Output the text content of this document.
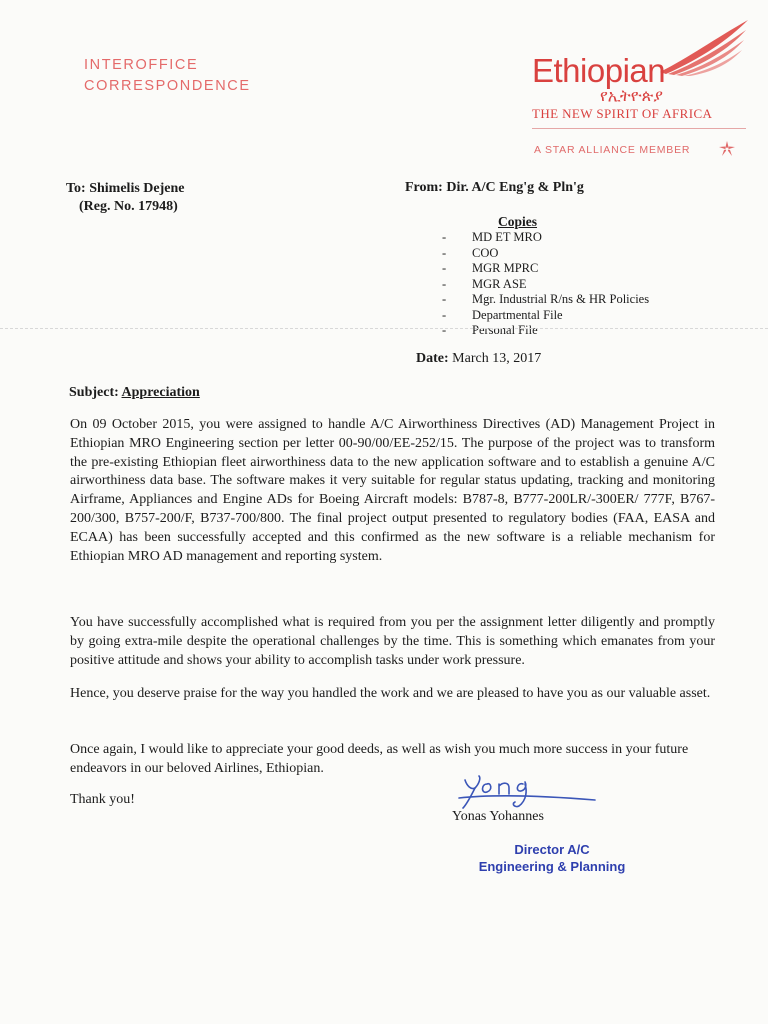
INTEROFFICE
CORRESPONDENCE	Ethiopian
የኢትዮጵያ
THE NEW SPIRIT OF AFRICA
A STAR ALLIANCE MEMBER
To: Shimelis Dejene
(Reg. No. 17948)
From: Dir. A/C Eng'g & Pln'g
Copies
- MD ET MRO
- COO
- MGR MPRC
- MGR ASE
- Mgr. Industrial R/ns & HR Policies
- Departmental File
- Personal File
Date: March 13, 2017
Subject: Appreciation

On 09 October 2015, you were assigned to handle A/C Airworthiness Directives (AD) Management Project in Ethiopian MRO Engineering section per letter 00-90/00/EE-252/15. The purpose of the project was to transform the pre-existing Ethiopian fleet airworthiness data to the new application software and to establish a genuine A/C airworthiness data base. The software makes it very suitable for regular status updating, tracking and monitoring Airframe, Appliances and Engine ADs for Boeing Aircraft models: B787-8, B777-200LR/-300ER/ 777F, B767-200/300, B757-200/F, B737-700/800. The final project output presented to regulatory bodies (FAA, EASA and ECAA) has been successfully accepted and this confirmed as the new software is a reliable mechanism for Ethiopian MRO AD management and reporting system.

You have successfully accomplished what is required from you per the assignment letter diligently and promptly by going extra-mile despite the operational challenges by the time. This is something which emanates from your positive attitude and shows your ability to accomplish tasks under work pressure.

Hence, you deserve praise for the way you handled the work and we are pleased to have you as our valuable asset.

Once again, I would like to appreciate your good deeds, as well as wish you much more success in your future endeavors in our beloved Airlines, Ethiopian.

Thank you!
Yonas Yohannes
Director A/C
Engineering & Planning
